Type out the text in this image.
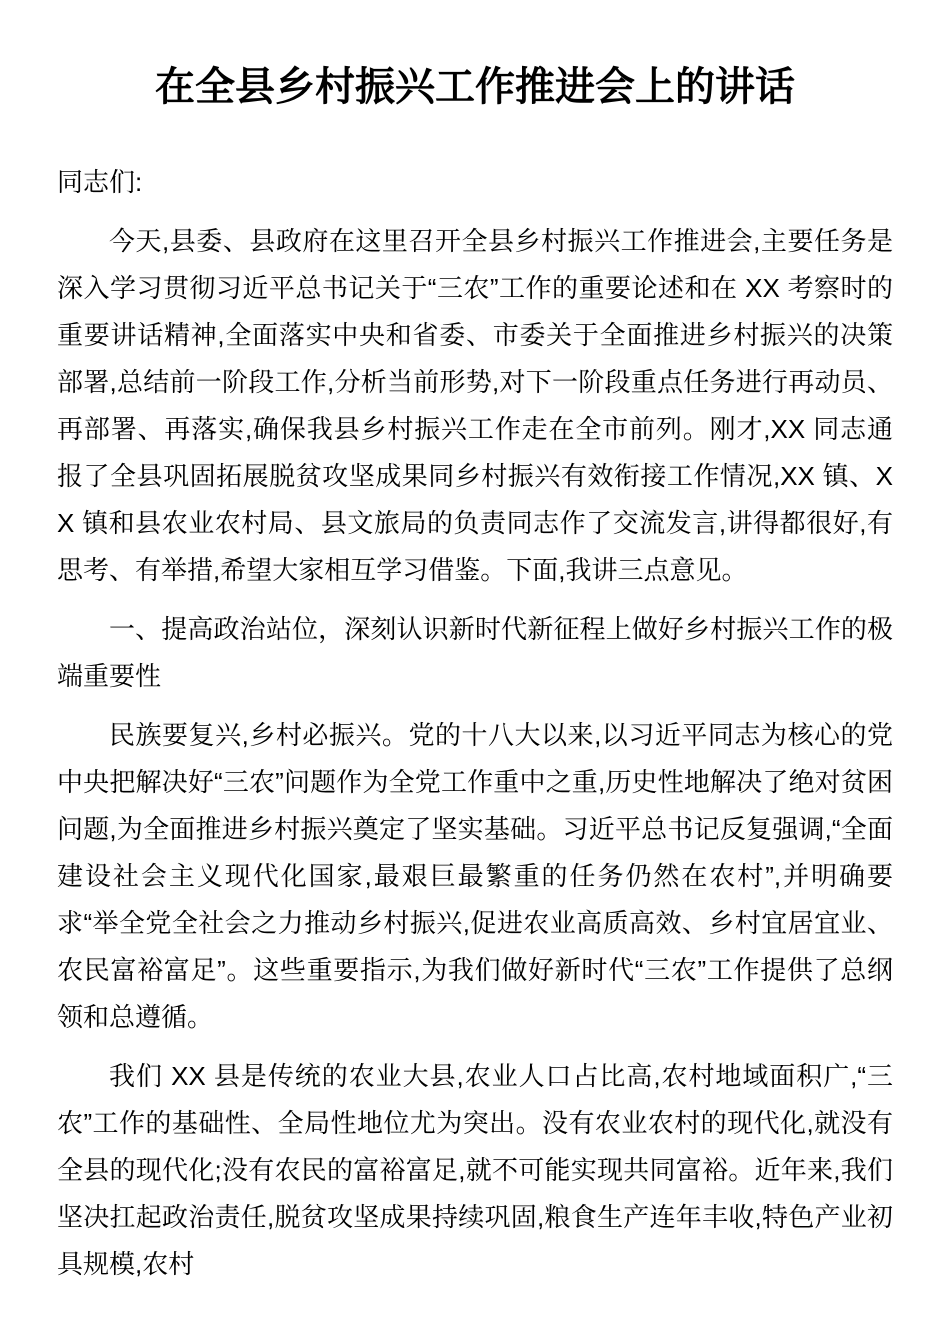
在全县乡村振兴工作推进会上的讲话

同志们:

今天,县委、县政府在这里召开全县乡村振兴工作推进会,主要任务是深入学习贯彻习近平总书记关于“三农”工作的重要论述和在 XX 考察时的重要讲话精神,全面落实中央和省委、市委关于全面推进乡村振兴的决策部署,总结前一阶段工作,分析当前形势,对下一阶段重点任务进行再动员、再部署、再落实,确保我县乡村振兴工作走在全市前列。刚才,XX 同志通报了全县巩固拓展脱贫攻坚成果同乡村振兴有效衔接工作情况,XX 镇、XX 镇和县农业农村局、县文旅局的负责同志作了交流发言,讲得都很好,有思考、有举措,希望大家相互学习借鉴。下面,我讲三点意见。

一、提高政治站位，深刻认识新时代新征程上做好乡村振兴工作的极端重要性

民族要复兴,乡村必振兴。党的十八大以来,以习近平同志为核心的党中央把解决好“三农”问题作为全党工作重中之重,历史性地解决了绝对贫困问题,为全面推进乡村振兴奠定了坚实基础。习近平总书记反复强调,“全面建设社会主义现代化国家,最艰巨最繁重的任务仍然在农村”,并明确要求“举全党全社会之力推动乡村振兴,促进农业高质高效、乡村宜居宜业、农民富裕富足”。这些重要指示,为我们做好新时代“三农”工作提供了总纲领和总遵循。

我们 XX 县是传统的农业大县,农业人口占比高,农村地域面积广,“三农”工作的基础性、全局性地位尤为突出。没有农业农村的现代化,就没有全县的现代化;没有农民的富裕富足,就不可能实现共同富裕。近年来,我们坚决扛起政治责任,脱贫攻坚成果持续巩固,粮食生产连年丰收,特色产业初具规模,农村
